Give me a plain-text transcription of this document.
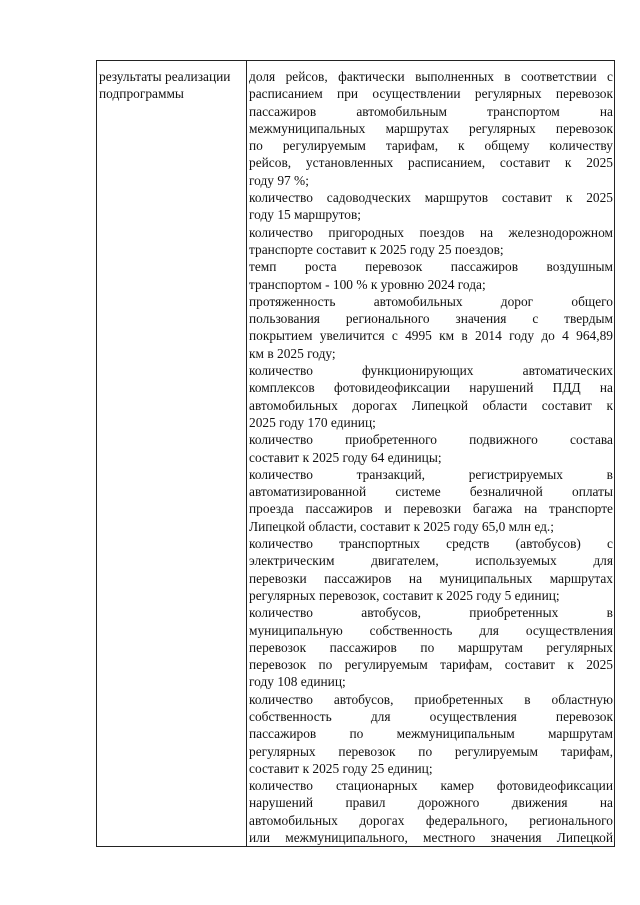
результаты реализации
подпрограммы
доля рейсов, фактически выполненных в соответствии с
расписанием при осуществлении регулярных перевозок
пассажиров автомобильным транспортом на
межмуниципальных маршрутах регулярных перевозок
по регулируемым тарифам, к общему количеству
рейсов, установленных расписанием, составит к 2025
году 97 %;
количество садоводческих маршрутов составит к 2025
году 15 маршрутов;
количество пригородных поездов на железнодорожном
транспорте составит к 2025 году 25 поездов;
темп роста перевозок пассажиров воздушным
транспортом - 100 % к уровню 2024 года;
протяженность автомобильных дорог общего
пользования регионального значения с твердым
покрытием увеличится с 4995 км в 2014 году до 4 964,89
км в 2025 году;
количество функционирующих автоматических
комплексов фотовидеофиксации нарушений ПДД на
автомобильных дорогах Липецкой области составит к
2025 году 170 единиц;
количество приобретенного подвижного состава
составит к 2025 году 64 единицы;
количество транзакций, регистрируемых в
автоматизированной системе безналичной оплаты
проезда пассажиров и перевозки багажа на транспорте
Липецкой области, составит к 2025 году 65,0 млн ед.;
количество транспортных средств (автобусов) с
электрическим двигателем, используемых для
перевозки пассажиров на муниципальных маршрутах
регулярных перевозок, составит к 2025 году 5 единиц;
количество автобусов, приобретенных в
муниципальную собственность для осуществления
перевозок пассажиров по маршрутам регулярных
перевозок по регулируемым тарифам, составит к 2025
году 108 единиц;
количество автобусов, приобретенных в областную
собственность для осуществления перевозок
пассажиров по межмуниципальным маршрутам
регулярных перевозок по регулируемым тарифам,
составит к 2025 году 25 единиц;
количество стационарных камер фотовидеофиксации
нарушений правил дорожного движения на
автомобильных дорогах федерального, регионального
или межмуниципального, местного значения Липецкой
